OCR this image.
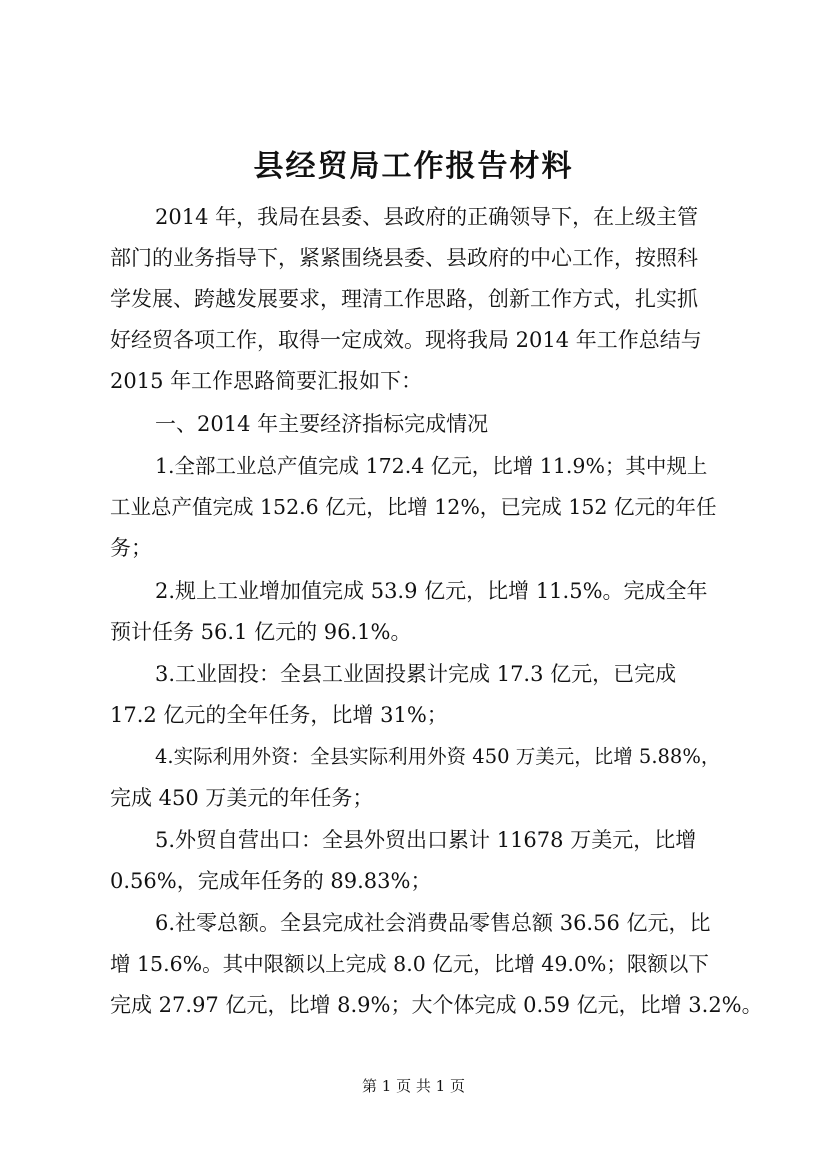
县经贸局工作报告材料
2014 年，我局在县委、县政府的正确领导下，在上级主管
部门的业务指导下，紧紧围绕县委、县政府的中心工作，按照科
学发展、跨越发展要求，理清工作思路，创新工作方式，扎实抓
好经贸各项工作，取得一定成效。现将我局 2014 年工作总结与
2015 年工作思路简要汇报如下：
一、2014 年主要经济指标完成情况
1.全部工业总产值完成 172.4 亿元，比增 11.9%；其中规上
工业总产值完成 152.6 亿元，比增 12%，已完成 152 亿元的年任
务；
2.规上工业增加值完成 53.9 亿元，比增 11.5%。完成全年
预计任务 56.1 亿元的 96.1%。
3.工业固投：全县工业固投累计完成 17.3 亿元，已完成
17.2 亿元的全年任务，比增 31%；
4.实际利用外资：全县实际利用外资 450 万美元，比增 5.88%，
完成 450 万美元的年任务；
5.外贸自营出口：全县外贸出口累计 11678 万美元，比增
0.56%，完成年任务的 89.83%；
6.社零总额。全县完成社会消费品零售总额 36.56 亿元，比
增 15.6%。其中限额以上完成 8.0 亿元，比增 49.0%；限额以下
完成 27.97 亿元，比增 8.9%；大个体完成 0.59 亿元，比增 3.2%。
第 1 页 共 1 页
